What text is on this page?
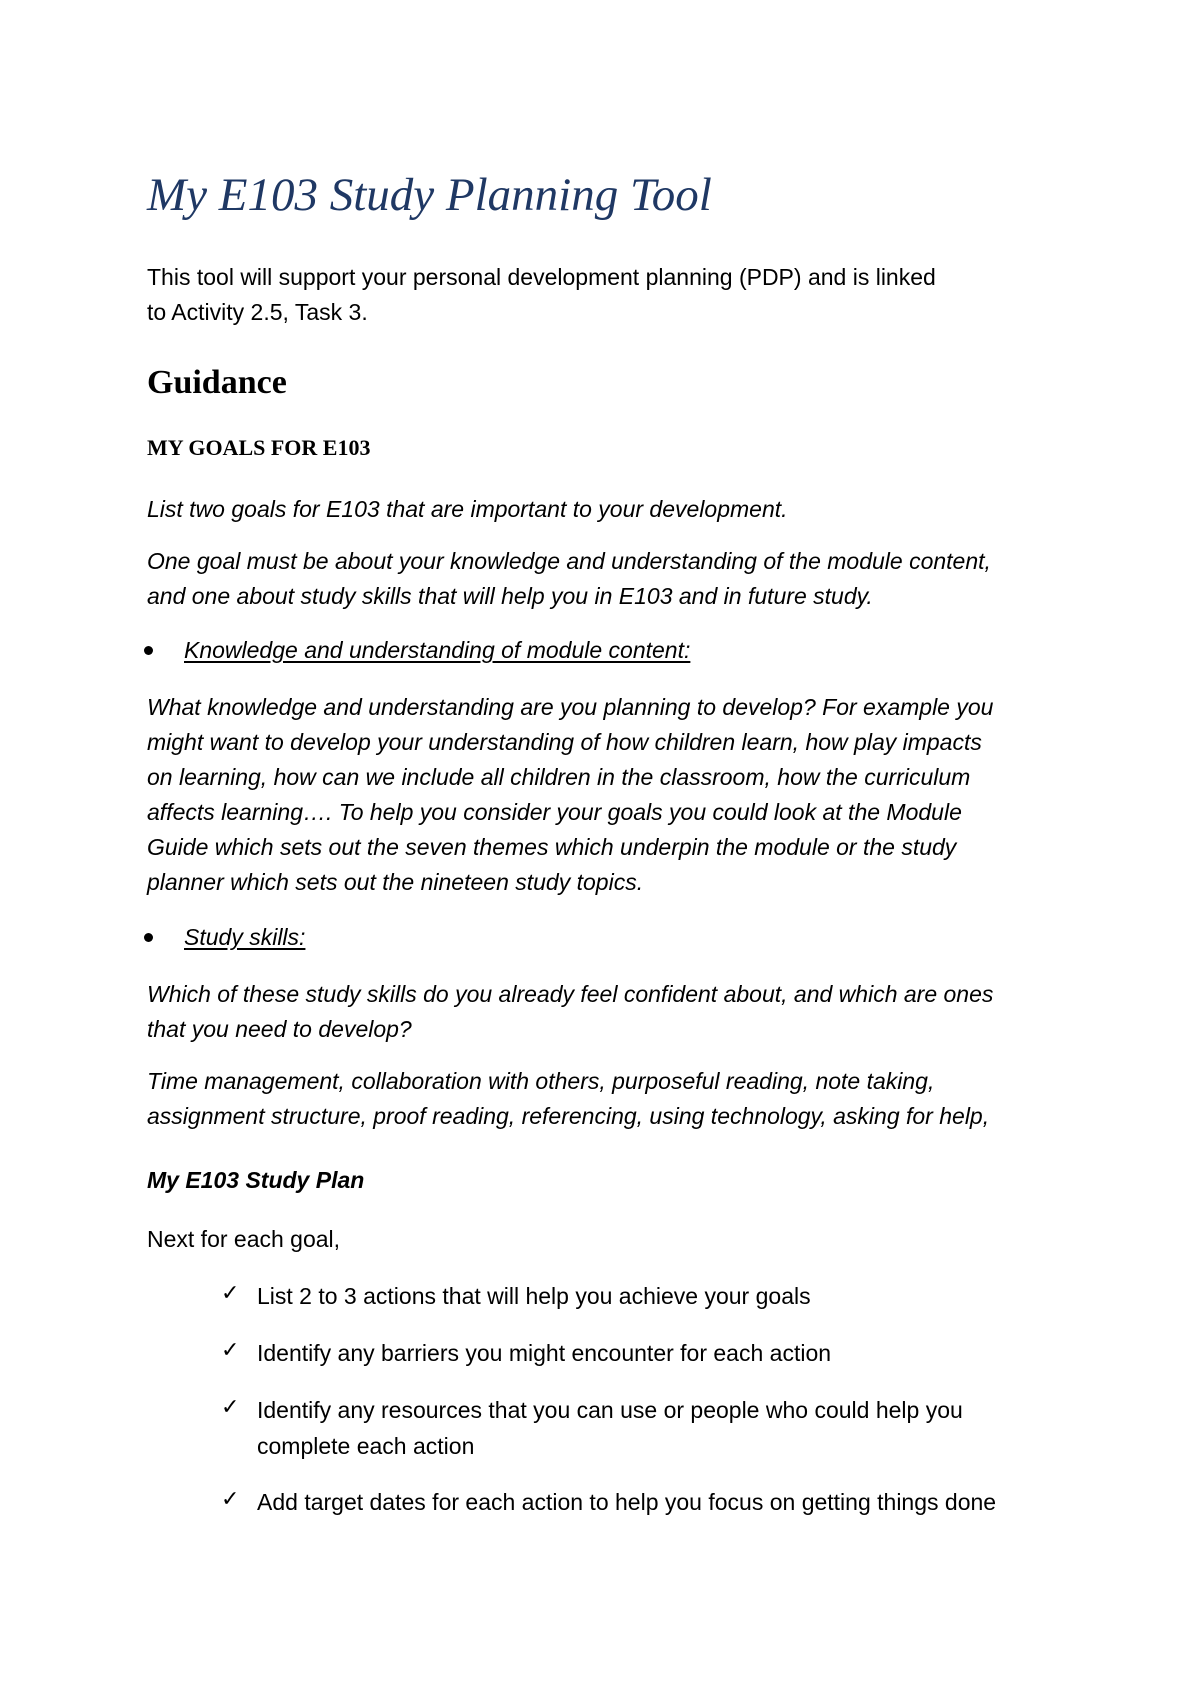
My E103 Study Planning Tool

This tool will support your personal development planning (PDP) and is linked

to Activity 2.5, Task 3.

Guidance
MY GOALS FOR E103

List two goals for E103 that are important to your development.

One goal must be about your knowledge and understanding of the module content,

and one about study skills that will help you in E103 and in future study.

Knowledge and understanding of module content:

What knowledge and understanding are you planning to develop? For example you

might want to develop your understanding of how children learn, how play impacts

on learning, how can we include all children in the classroom, how the curriculum

affects learning…. To help you consider your goals you could look at the Module

Guide which sets out the seven themes which underpin the module or the study

planner which sets out the nineteen study topics.

Study skills:

Which of these study skills do you already feel confident about, and which are ones

that you need to develop?

Time management, collaboration with others, purposeful reading, note taking,

assignment structure, proof reading, referencing, using technology, asking for help,

My E103 Study Plan

Next for each goal,

✓ List 2 to 3 actions that will help you achieve your goals

✓ Identify any barriers you might encounter for each action

✓ Identify any resources that you can use or people who could help you

complete each action

✓ Add target dates for each action to help you focus on getting things done
